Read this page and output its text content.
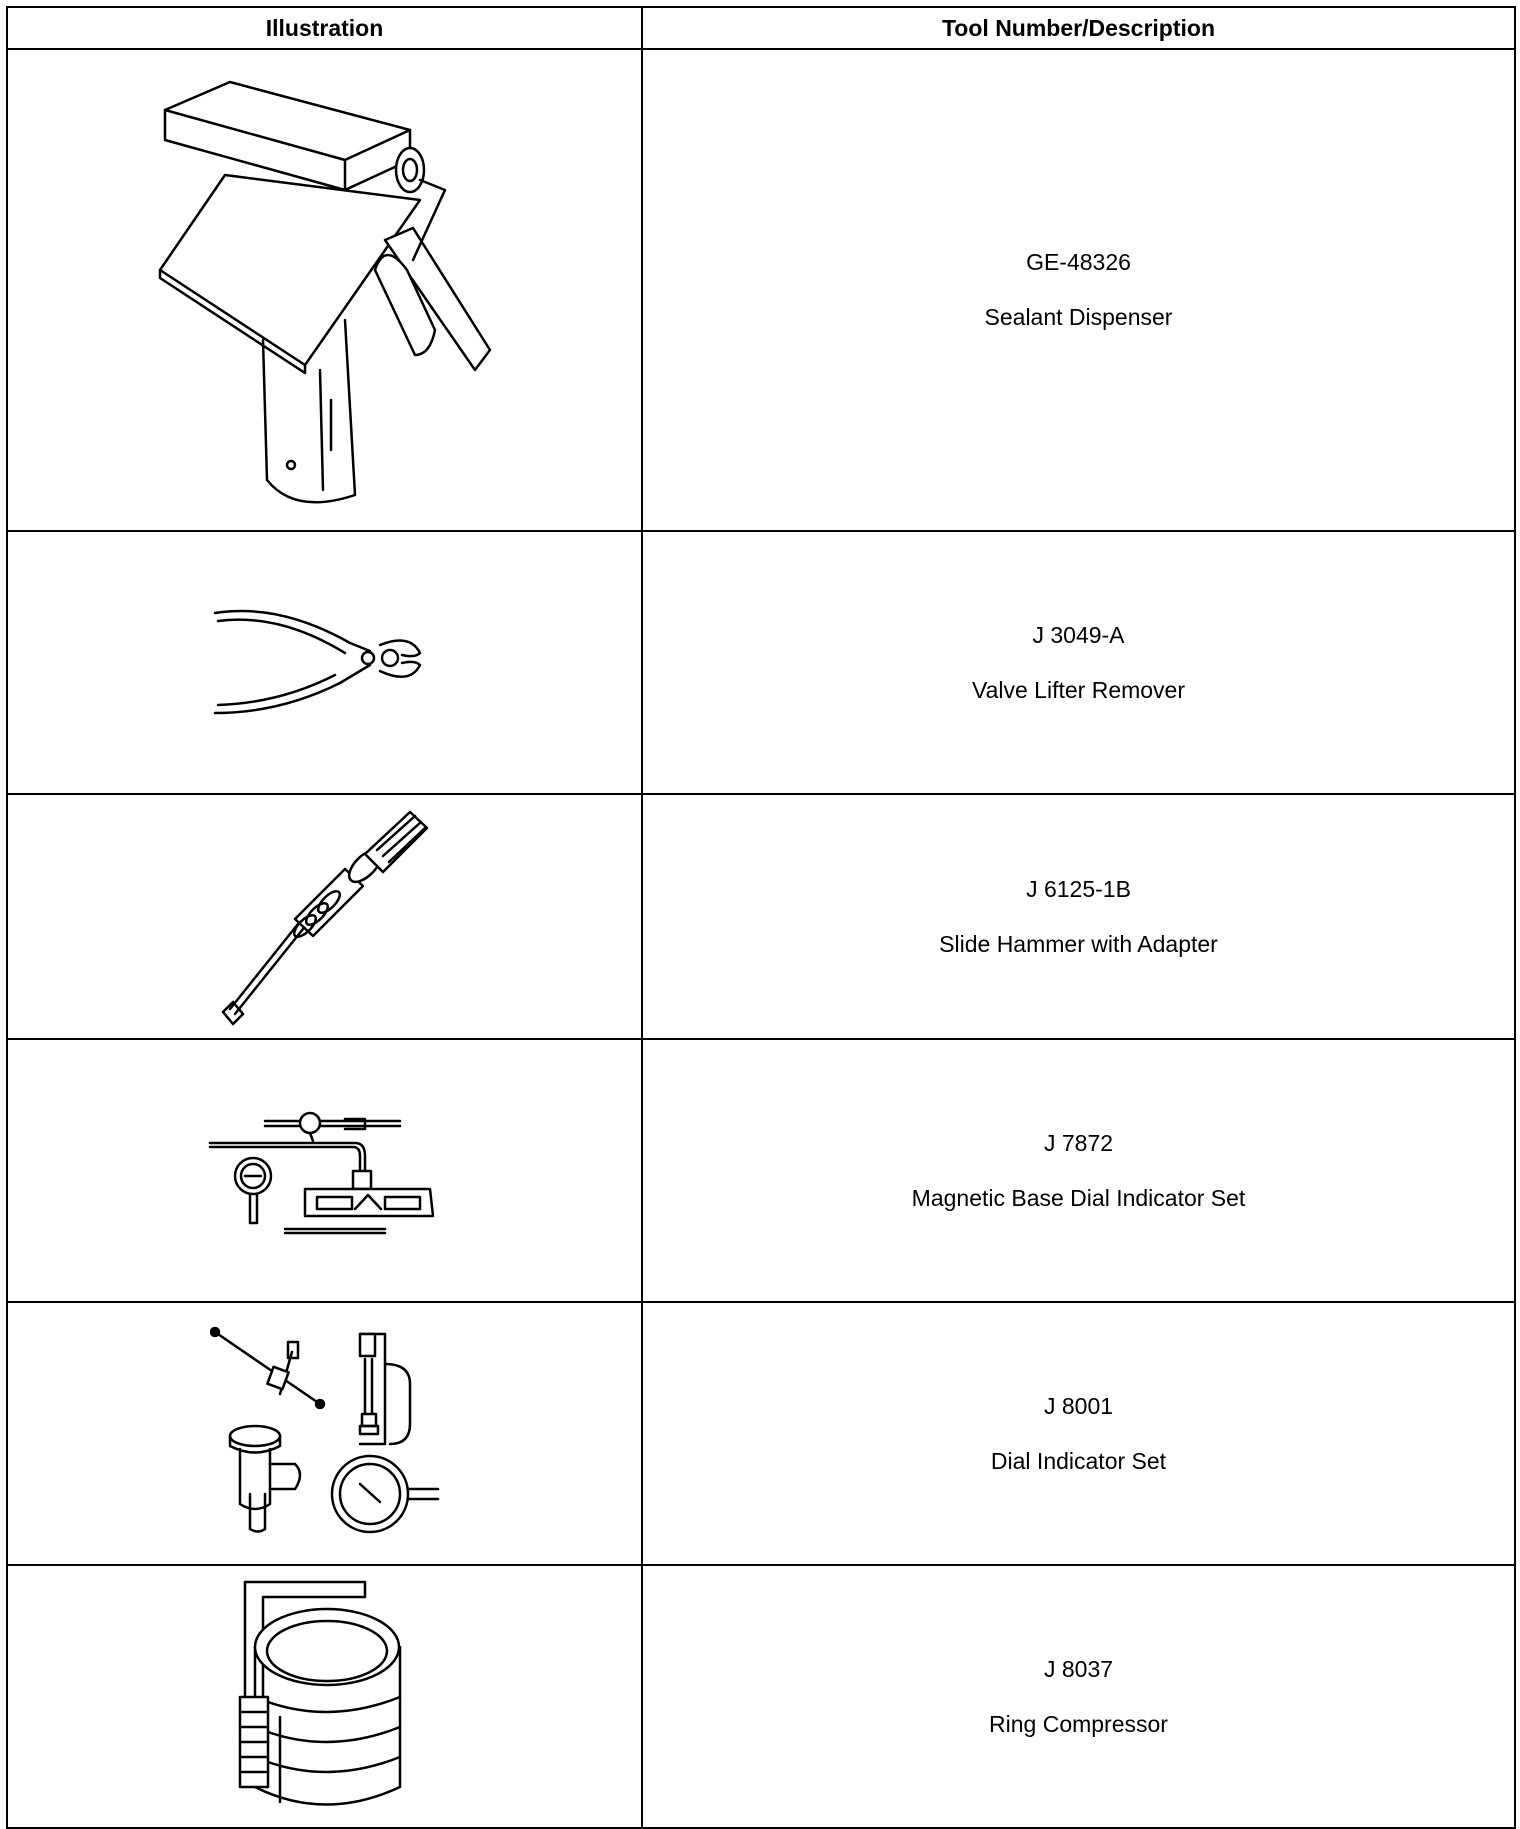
Illustration	Tool Number/Description

GE-48326
Sealant Dispenser

J 3049-A
Valve Lifter Remover

J 6125-1B
Slide Hammer with Adapter

J 7872
Magnetic Base Dial Indicator Set

J 8001
Dial Indicator Set

J 8037
Ring Compressor
